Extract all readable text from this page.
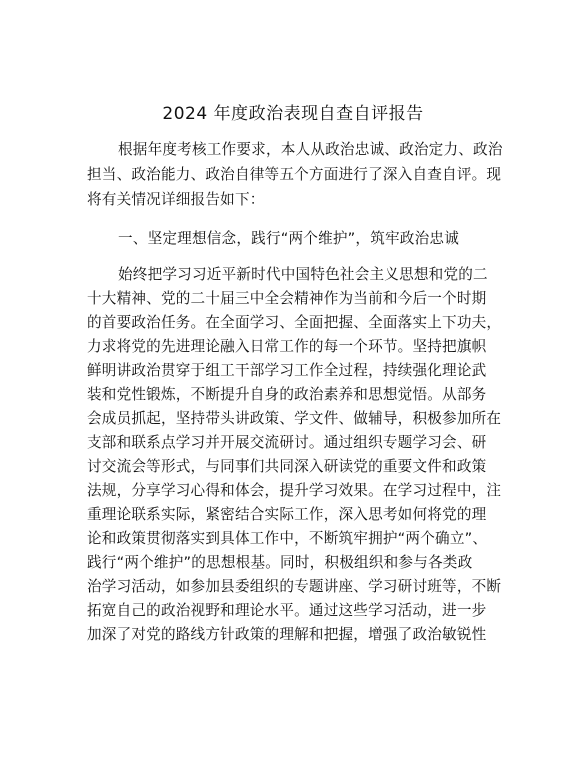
2024 年度政治表现自查自评报告
根据年度考核工作要求，本人从政治忠诚、政治定力、政治
担当、政治能力、政治自律等五个方面进行了深入自查自评。现
将有关情况详细报告如下：
一、坚定理想信念，践行“两个维护”，筑牢政治忠诚
始终把学习习近平新时代中国特色社会主义思想和党的二
十大精神、党的二十届三中全会精神作为当前和今后一个时期
的首要政治任务。在全面学习、全面把握、全面落实上下功夫，
力求将党的先进理论融入日常工作的每一个环节。坚持把旗帜
鲜明讲政治贯穿于组工干部学习工作全过程，持续强化理论武
装和党性锻炼，不断提升自身的政治素养和思想觉悟。从部务
会成员抓起，坚持带头讲政策、学文件、做辅导，积极参加所在
支部和联系点学习并开展交流研讨。通过组织专题学习会、研
讨交流会等形式，与同事们共同深入研读党的重要文件和政策
法规，分享学习心得和体会，提升学习效果。在学习过程中，注
重理论联系实际，紧密结合实际工作，深入思考如何将党的理
论和政策贯彻落实到具体工作中，不断筑牢拥护“两个确立”、
践行“两个维护”的思想根基。同时，积极组织和参与各类政
治学习活动，如参加县委组织的专题讲座、学习研讨班等，不断
拓宽自己的政治视野和理论水平。通过这些学习活动，进一步
加深了对党的路线方针政策的理解和把握，增强了政治敏锐性
